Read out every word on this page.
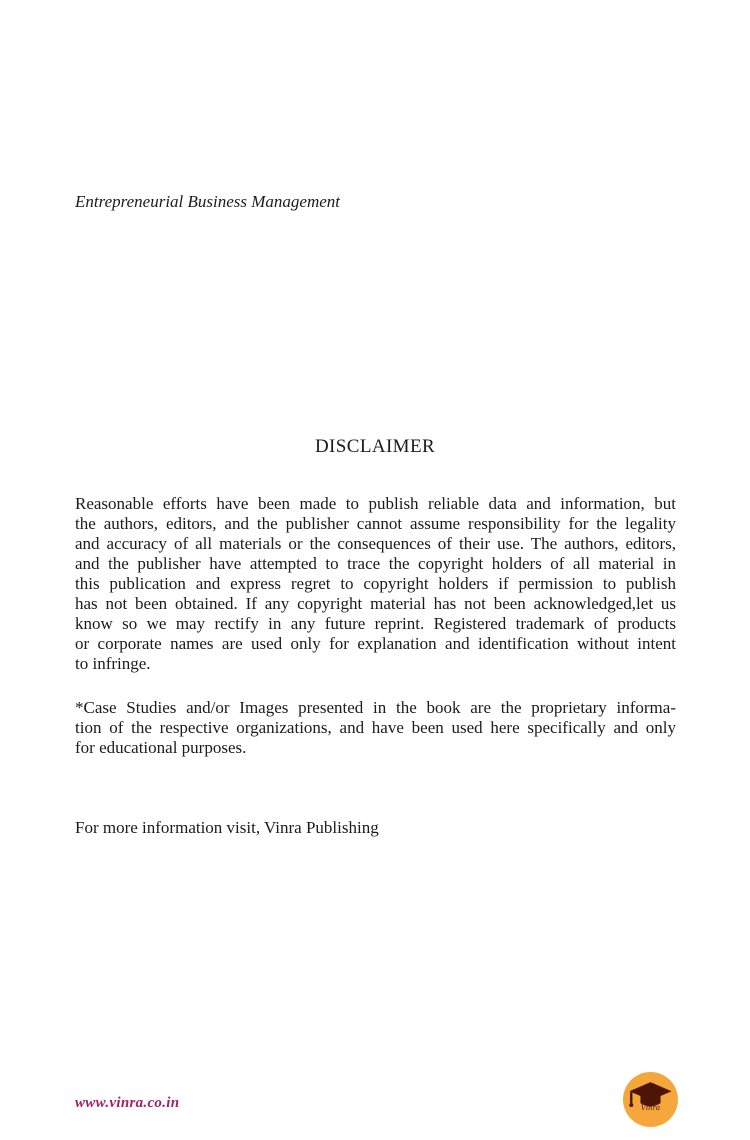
Entrepreneurial Business Management
DISCLAIMER
Reasonable efforts have been made to publish reliable data and information, but
the authors, editors, and the publisher cannot assume responsibility for the legality
and accuracy of all materials or the consequences of their use. The authors, editors,
and the publisher have attempted to trace the copyright holders of all material in
this publication and express regret to copyright holders if permission to publish
has not been obtained. If any copyright material has not been acknowledged,let us
know so we may rectify in any future reprint. Registered trademark of products
or corporate names are used only for explanation and identification without intent
to infringe.
*Case Studies and/or Images presented in the book are the proprietary informa-
tion of the respective organizations, and have been used here specifically and only
for educational purposes.
For more information visit, Vinra Publishing
www.vinra.co.in	Vinra
